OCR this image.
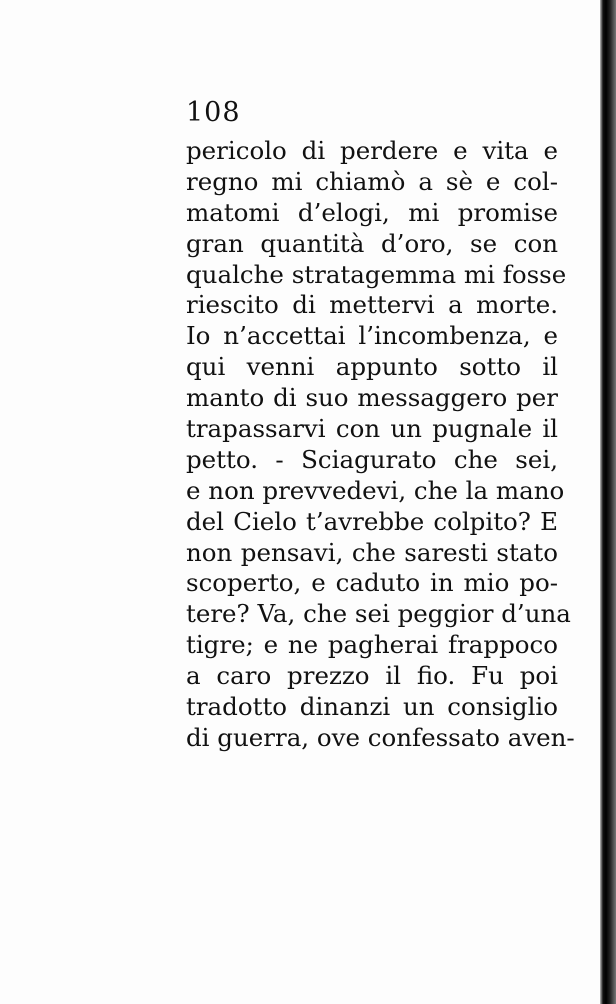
108
pericolo di perdere e vita e
regno mi chiamò a sè e col-
matomi d’elogi, mi promise
gran quantità d’oro, se con
qualche stratagemma mi fosse
riescito di mettervi a morte.
Io n’accettai l’incombenza, e
qui venni appunto sotto il
manto di suo messaggero per
trapassarvi con un pugnale il
petto. - Sciagurato che sei,
e non prevvedevi, che la mano
del Cielo t’avrebbe colpito? E
non pensavi, che saresti stato
scoperto, e caduto in mio po-
tere? Va, che sei peggior d’una
tigre; e ne pagherai frappoco
a caro prezzo il fio. Fu poi
tradotto dinanzi un consiglio
di guerra, ove confessato aven-
